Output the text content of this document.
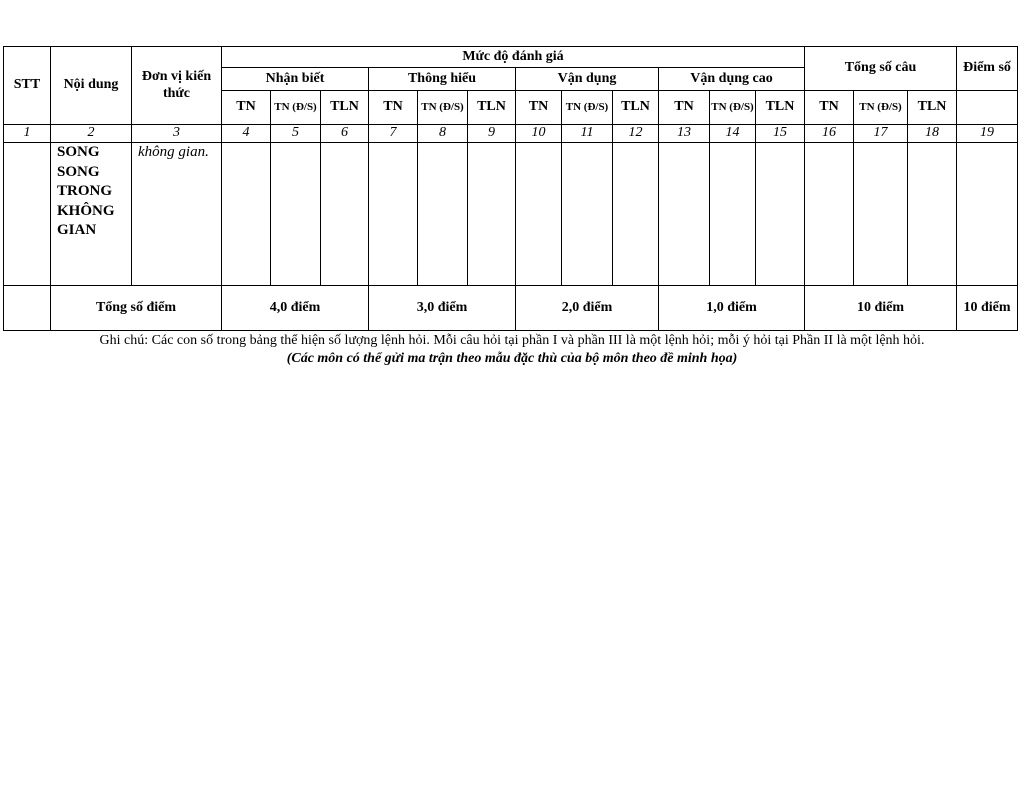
STT	Nội dung	Đơn vị kiến thức	Mức độ đánh giá												Tổng số câu			Điểm số
			Nhận biết			Thông hiểu			Vận dụng			Vận dụng cao						
			TN	TN (Đ/S)	TLN	TN	TN (Đ/S)	TLN	TN	TN (Đ/S)	TLN	TN	TN (Đ/S)	TLN	TN	TN (Đ/S)	TLN	
1	2	3	4	5	6	7	8	9	10	11	12	13	14	15	16	17	18	19
	SONG SONG TRONG KHÔNG GIAN	không gian.																
	Tổng số điểm		4,0 điểm			3,0 điểm			2,0 điểm			1,0 điểm			10 điểm			10 điểm
Ghi chú: Các con số trong bảng thể hiện số lượng lệnh hỏi. Mỗi câu hỏi tại phần I và phần III là một lệnh hỏi; mỗi ý hỏi tại Phần II là một lệnh hỏi.
(Các môn có thể gửi ma trận theo mẫu đặc thù của bộ môn theo đề minh họa)
